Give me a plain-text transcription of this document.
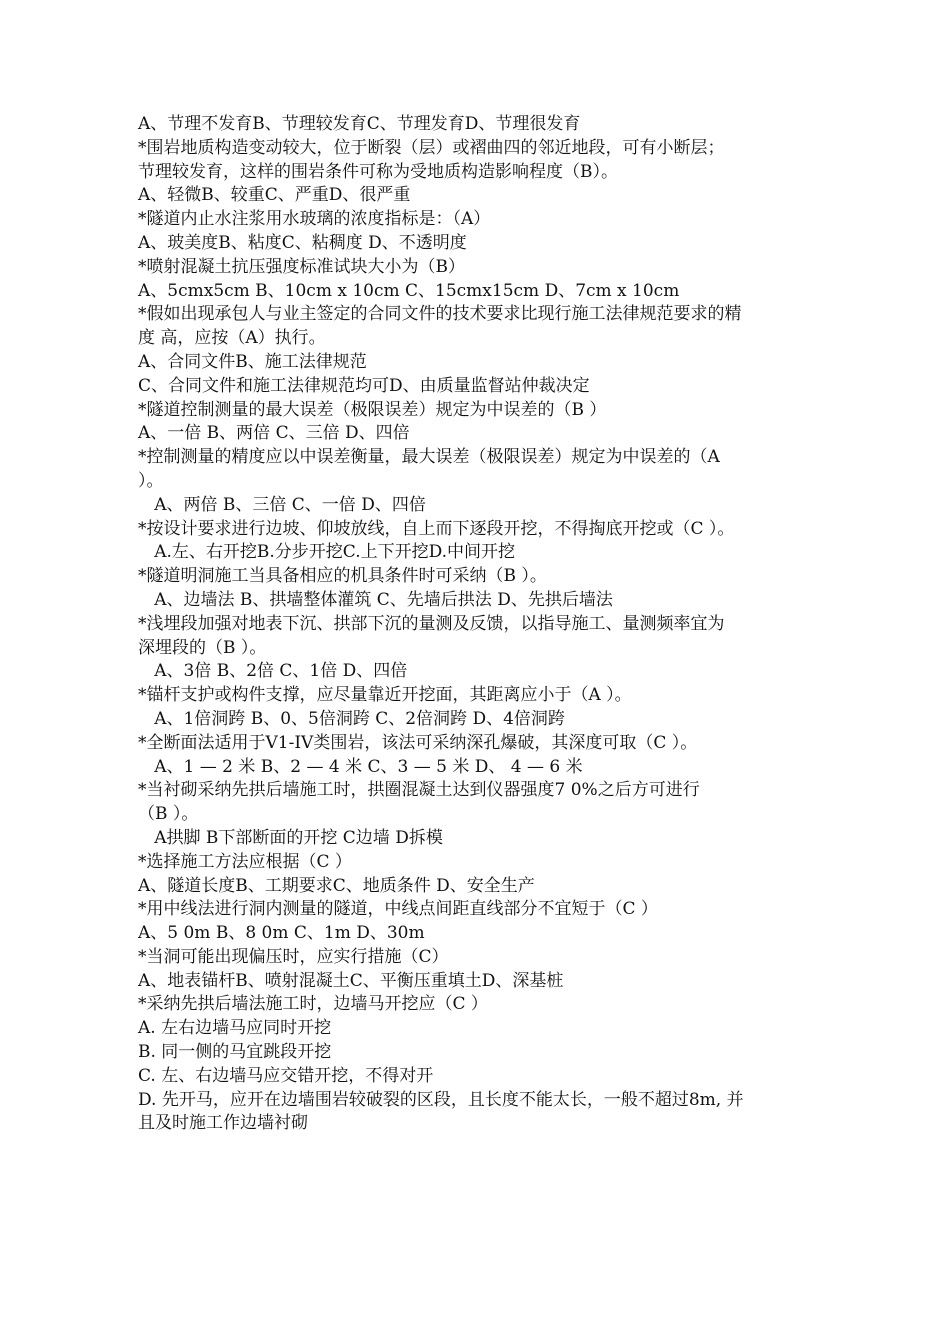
A、节理不发育B、节理较发育C、节理发育D、节理很发育
*围岩地质构造变动较大，位于断裂（层）或褶曲四的邻近地段，可有小断层；
节理较发育，这样的围岩条件可称为受地质构造影响程度（B）。
A、轻微B、较重C、严重D、很严重
*隧道内止水注浆用水玻璃的浓度指标是：（A）
A、玻美度B、粘度C、粘稠度 D、不透明度
*喷射混凝土抗压强度标准试块大小为（B）
A、5cmx5cm B、10cm x 10cm C、15cmx15cm D、7cm x 10cm
*假如出现承包人与业主签定的合同文件的技术要求比现行施工法律规范要求的精
度 高，应按（A）执行。
A、合同文件B、施工法律规范
C、合同文件和施工法律规范均可D、由质量监督站仲裁决定
*隧道控制测量的最大误差（极限误差）规定为中误差的（B ）
A、一倍 B、两倍 C、三倍 D、四倍
*控制测量的精度应以中误差衡量，最大误差（极限误差）规定为中误差的（A
）。
A、两倍 B、三倍 C、一倍 D、四倍
*按设计要求进行边坡、仰坡放线，自上而下逐段开挖，不得掏底开挖或（C ）。
A.左、右开挖B.分步开挖C.上下开挖D.中间开挖
*隧道明洞施工当具备相应的机具条件时可采纳（B ）。
A、边墙法 B、拱墙整体灌筑 C、先墙后拱法 D、先拱后墙法
*浅埋段加强对地表下沉、拱部下沉的量测及反馈，以指导施工、量测频率宜为
深埋段的（B ）。
A、3倍 B、2倍 C、1倍 D、四倍
*锚杆支护或构件支撑，应尽量靠近开挖面，其距离应小于（A ）。
A、1倍洞跨 B、0、5倍洞跨 C、2倍洞跨 D、4倍洞跨
*全断面法适用于V1-IV类围岩，该法可采纳深孔爆破，其深度可取（C ）。
A、1 — 2 米 B、2 — 4 米 C、3 — 5 米 D、 4 — 6 米
*当衬砌采纳先拱后墙施工时，拱圈混凝土达到仪器强度7 0%之后方可进行
（B ）。
A拱脚 B下部断面的开挖 C边墙 D拆模
*选择施工方法应根据（C ）
A、隧道长度B、工期要求C、地质条件 D、安全生产
*用中线法进行洞内测量的隧道，中线点间距直线部分不宜短于（C ）
A、5 0m B、8 0m C、1m D、30m
*当洞可能出现偏压时，应实行措施（C）
A、地表锚杆B、喷射混凝土C、平衡压重填土D、深基桩
*采纳先拱后墙法施工时，边墙马开挖应（C ）
A. 左右边墙马应同时开挖
B. 同一侧的马宜跳段开挖
C. 左、右边墙马应交错开挖，不得对开
D. 先开马，应开在边墙围岩较破裂的区段，且长度不能太长，一般不超过8m, 并
且及时施工作边墙衬砌
